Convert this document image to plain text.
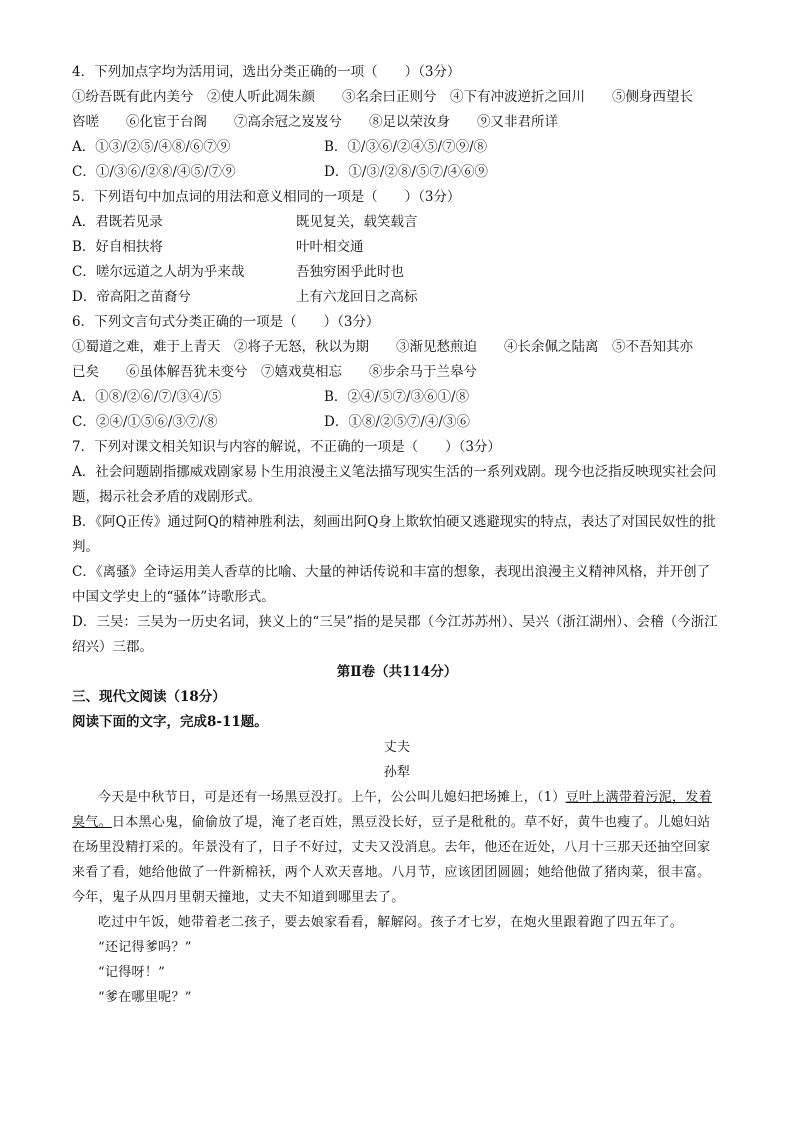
4．下列加点字均为活用词，选出分类正确的一项（　　）（3分）
①纷吾既有此内美兮　②使人听此凋朱颜　　③名余曰正则兮　④下有冲波逆折之回川　　⑤侧身西望长
咨嗟　　⑥化宦于台阁　　⑦高余冠之岌岌兮　　⑧足以荣汝身　　⑨又非君所详
A．①③/②⑤/④⑧/⑥⑦⑨	B．①/③⑥/②④⑤/⑦⑨/⑧
C．①/③⑥/②⑧/④⑤/⑦⑨	D．①/③/②⑧/⑤⑦/④⑥⑨
5．下列语句中加点词的用法和意义相同的一项是（　　）（3分）
A．君既若见录	既见复关，载笑载言
B．好自相扶将	叶叶相交通
C．嗟尔远道之人胡为乎来哉	吾独穷困乎此时也
D．帝高阳之苗裔兮	上有六龙回日之高标
6．下列文言句式分类正确的一项是（　　）（3分）
①蜀道之难，难于上青天　②将子无怒，秋以为期　　③渐见愁煎迫　　④长余佩之陆离　⑤不吾知其亦
已矣　　⑥虽体解吾犹未变兮　⑦嬉戏莫相忘　　⑧步余马于兰皋兮
A．①⑧/②⑥/⑦/③④/⑤	B．②④/⑤⑦/③⑥①/⑧
C．②④/①⑤⑥/③⑦/⑧	D．①⑧/②⑤⑦/④/③⑥
7．下列对课文相关知识与内容的解说，不正确的一项是（　　）（3分）
A．社会问题剧指挪威戏剧家易卜生用浪漫主义笔法描写现实生活的一系列戏剧。现今也泛指反映现实社会问题，揭示社会矛盾的戏剧形式。
B．《阿Q正传》通过阿Q的精神胜利法，刻画出阿Q身上欺软怕硬又逃避现实的特点，表达了对国民奴性的批判。
C．《离骚》全诗运用美人香草的比喻、大量的神话传说和丰富的想象，表现出浪漫主义精神风格，并开创了中国文学史上的“骚体”诗歌形式。
D．三吴：三吴为一历史名词，狭义上的“三吴”指的是吴郡（今江苏苏州）、吴兴（浙江湖州）、会稽（今浙江绍兴）三郡。
第Ⅱ卷（共114分）
三、现代文阅读（18分）
阅读下面的文字，完成8-11题。
丈夫
孙犁
今天是中秋节日，可是还有一场黑豆没打。上午，公公叫儿媳妇把场摊上，（1）豆叶上满带着污泥，发着臭气。日本黑心鬼，偷偷放了堤，淹了老百姓，黑豆没长好，豆子是秕秕的。草不好，黄牛也瘦了。儿媳妇站在场里没精打采的。年景没有了，日子不好过，丈夫又没消息。去年，他还在近处，八月十三那天还抽空回家来看了看，她给他做了一件新棉袄，两个人欢天喜地。八月节，应该团团圆圆；她给他做了猪肉菜，很丰富。今年，鬼子从四月里朝天撞地，丈夫不知道到哪里去了。
吃过中午饭，她带着老二孩子，要去娘家看看，解解闷。孩子才七岁，在炮火里跟着跑了四五年了。
“还记得爹吗？”
“记得呀！”
“爹在哪里呢？”
